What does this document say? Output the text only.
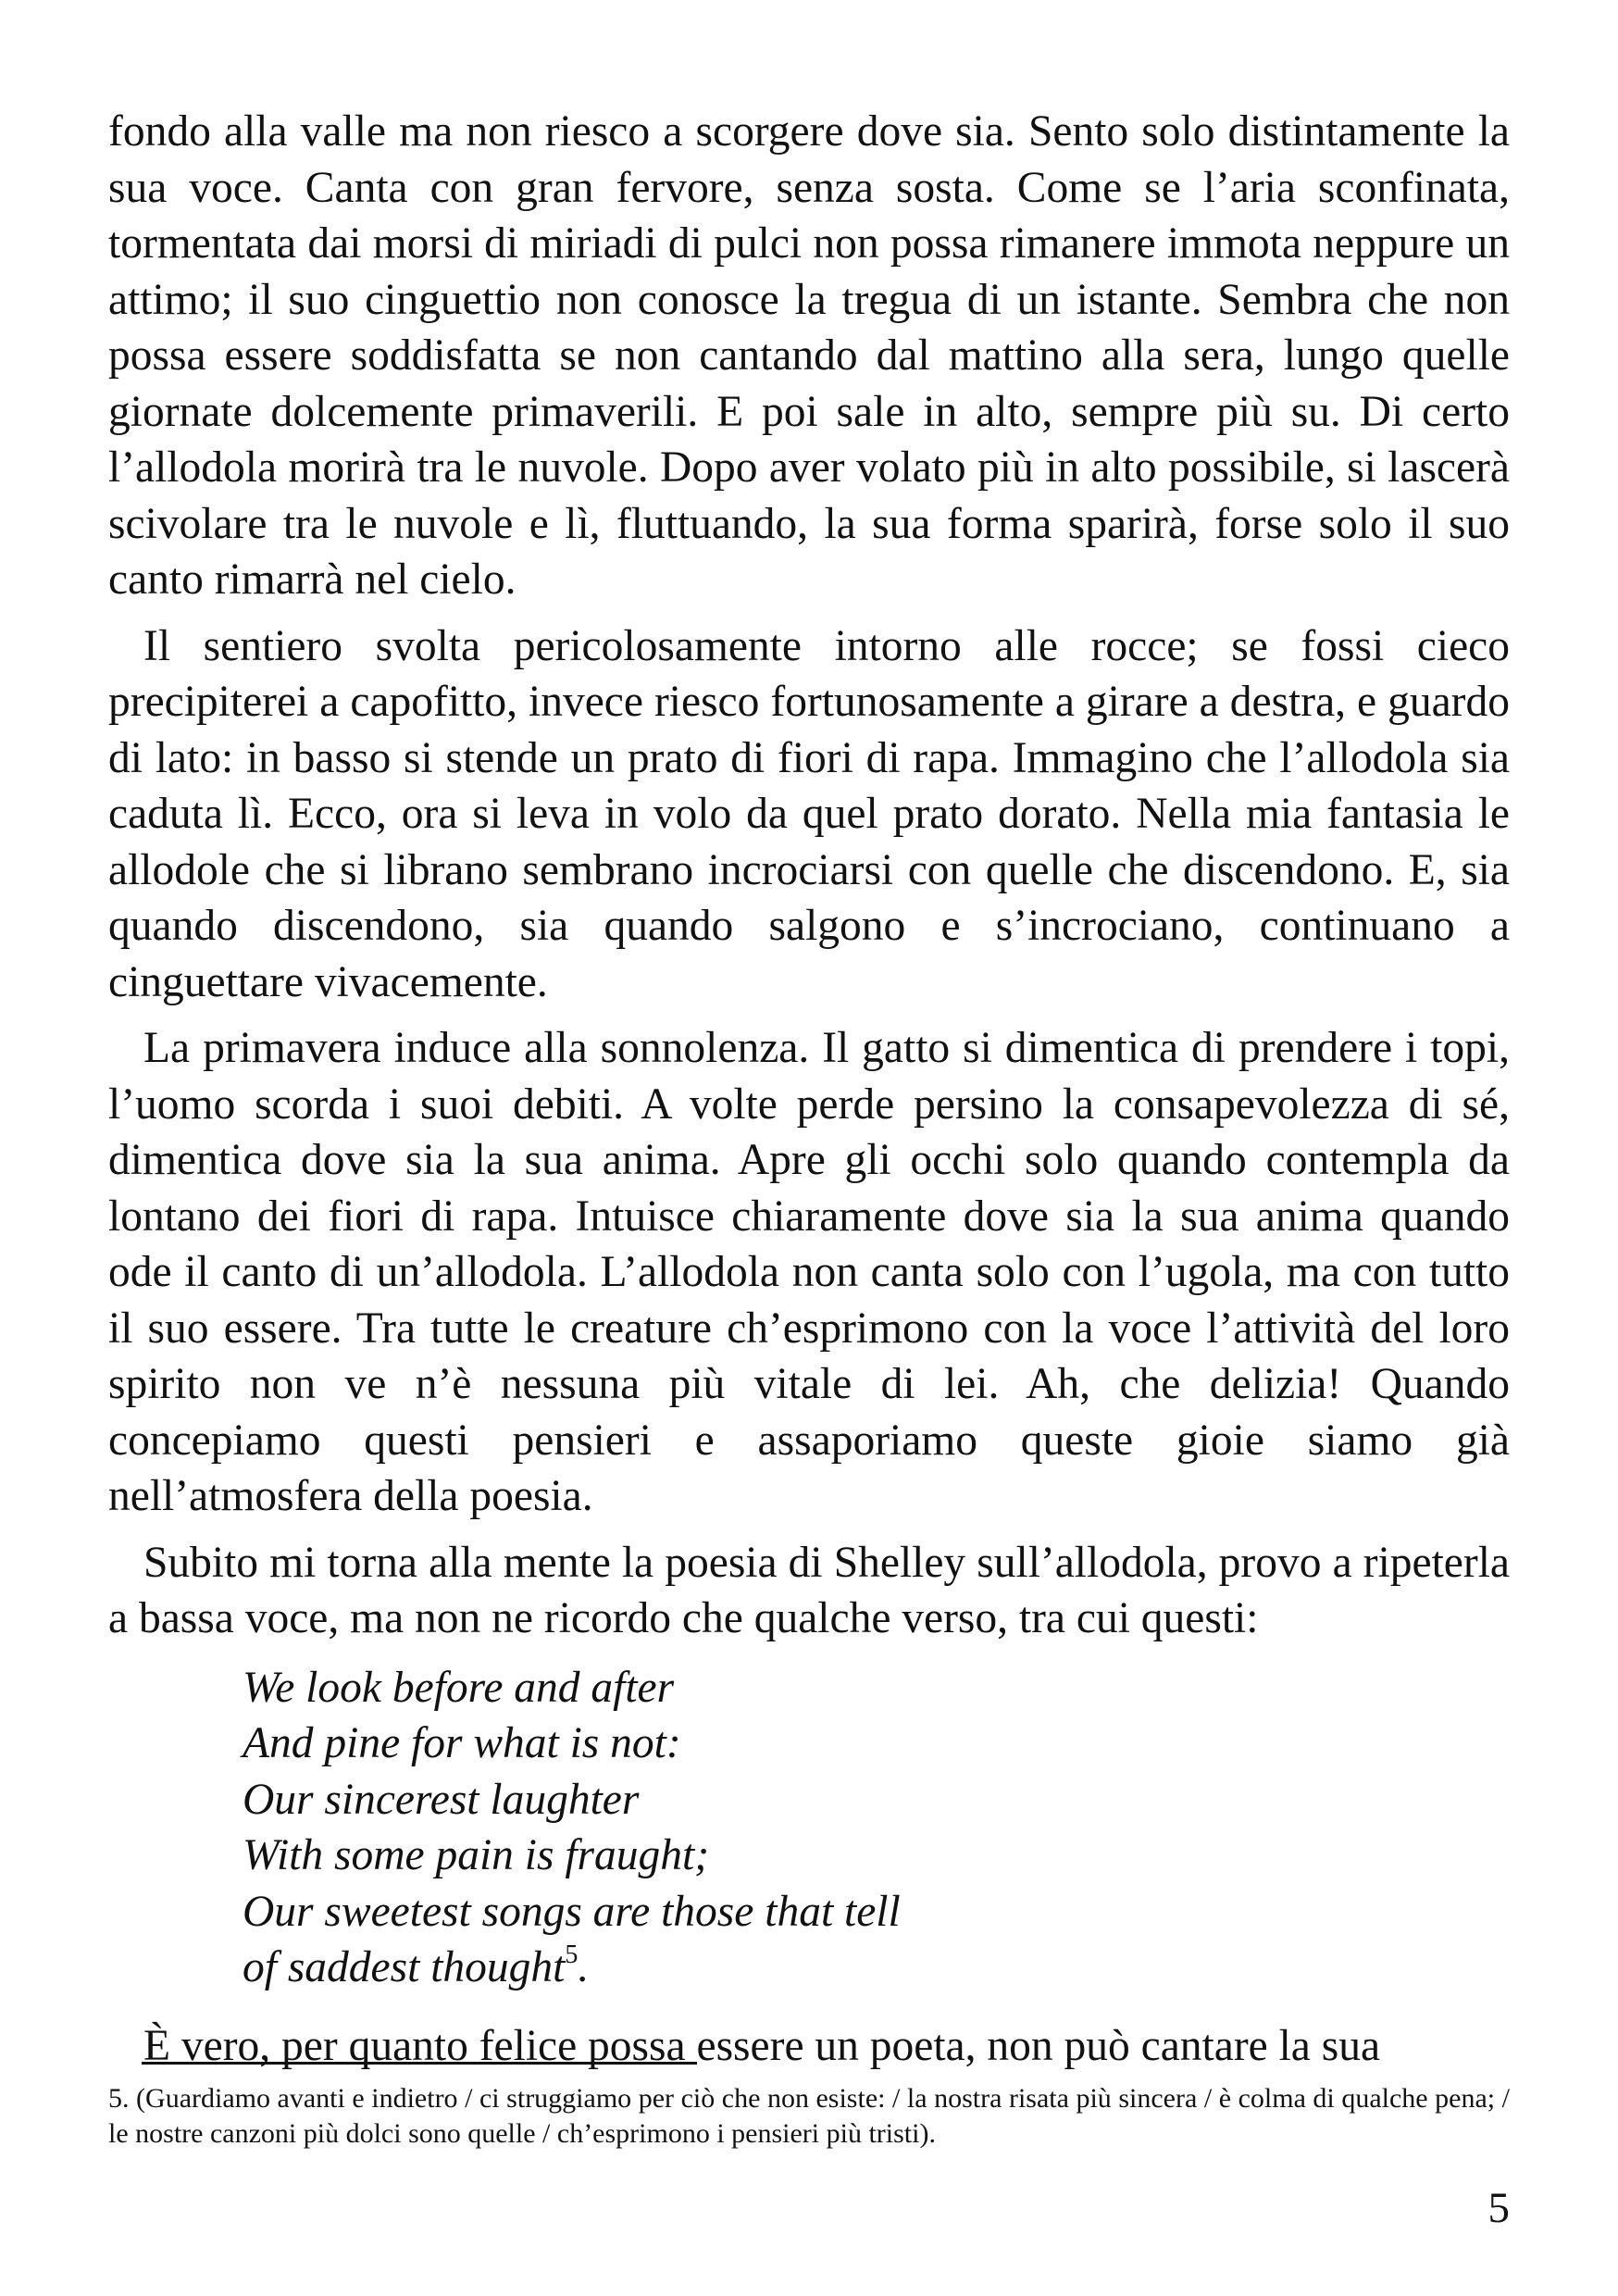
fondo alla valle ma non riesco a scorgere dove sia. Sento solo distintamente la sua voce. Canta con gran fervore, senza sosta. Come se l’aria sconfinata, tormentata dai morsi di miriadi di pulci non possa rimanere immota neppure un attimo; il suo cinguettio non conosce la tregua di un istante. Sembra che non possa essere soddisfatta se non cantando dal mattino alla sera, lungo quelle giornate dolcemente primaverili. E poi sale in alto, sempre più su. Di certo l’allodola morirà tra le nuvole. Dopo aver volato più in alto possibile, si lascerà scivolare tra le nuvole e lì, fluttuando, la sua forma sparirà, forse solo il suo canto rimarrà nel cielo.

Il sentiero svolta pericolosamente intorno alle rocce; se fossi cieco precipiterei a capofitto, invece riesco fortunosamente a girare a destra, e guardo di lato: in basso si stende un prato di fiori di rapa. Immagino che l’allodola sia caduta lì. Ecco, ora si leva in volo da quel prato dorato. Nella mia fantasia le allodole che si librano sembrano incrociarsi con quelle che discendono. E, sia quando discendono, sia quando salgono e s’incrociano, continuano a cinguettare vivacemente.

La primavera induce alla sonnolenza. Il gatto si dimentica di prendere i topi, l’uomo scorda i suoi debiti. A volte perde persino la consapevolezza di sé, dimentica dove sia la sua anima. Apre gli occhi solo quando contempla da lontano dei fiori di rapa. Intuisce chiaramente dove sia la sua anima quando ode il canto di un’allodola. L’allodola non canta solo con l’ugola, ma con tutto il suo essere. Tra tutte le creature ch’esprimono con la voce l’attività del loro spirito non ve n’è nessuna più vitale di lei. Ah, che delizia! Quando concepiamo questi pensieri e assaporiamo queste gioie siamo già nell’atmosfera della poesia.

Subito mi torna alla mente la poesia di Shelley sull’allodola, provo a ripeterla a bassa voce, ma non ne ricordo che qualche verso, tra cui questi:

We look before and after
And pine for what is not:
Our sincerest laughter
With some pain is fraught;
Our sweetest songs are those that tell
of saddest thought$^5$.

È vero, per quanto felice possa essere un poeta, non può cantare la sua

5. (Guardiamo avanti e indietro / ci struggiamo per ciò che non esiste: / la nostra risata più sincera / è colma di qualche pena; / le nostre canzoni più dolci sono quelle / ch’esprimono i pensieri più tristi).
5
